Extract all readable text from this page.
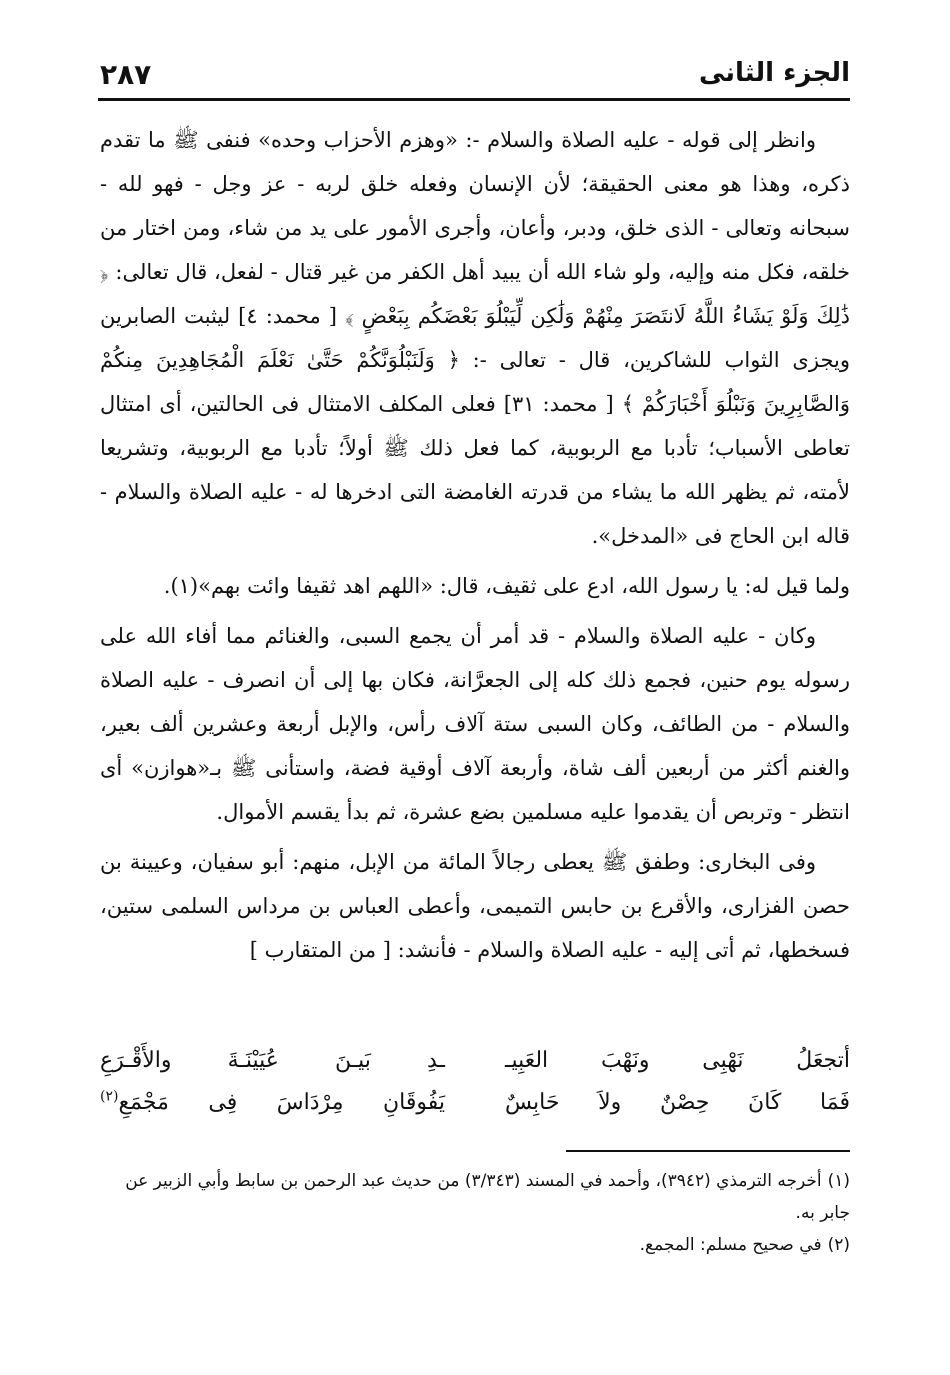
الجزء الثانى
٢٨٧

وانظر إلى قوله - عليه الصلاة والسلام -: «وهزم الأحزاب وحده» فنفى ﷺ ما تقدم ذكره، وهذا هو معنى الحقيقة؛ لأن الإنسان وفعله خلق لربه - عز وجل - فهو لله - سبحانه وتعالى - الذى خلق، ودبر، وأعان، وأجرى الأمور على يد من شاء، ومن اختار من خلقه، فكل منه وإليه، ولو شاء الله أن يبيد أهل الكفر من غير قتال - لفعل، قال تعالى: ﴿ ذَٰلِكَ وَلَوْ يَشَاءُ اللَّهُ لَانتَصَرَ مِنْهُمْ وَلَٰكِن لِّيَبْلُوَ بَعْضَكُم بِبَعْضٍ ﴾ [ محمد: ٤] ليثبت الصابرين ويجزى الثواب للشاكرين، قال - تعالى -: ﴿ وَلَنَبْلُوَنَّكُمْ حَتَّىٰ نَعْلَمَ الْمُجَاهِدِينَ مِنكُمْ وَالصَّابِرِينَ وَنَبْلُوَ أَخْبَارَكُمْ ﴾ [ محمد: ٣١] فعلى المكلف الامتثال فى الحالتين، أى امتثال تعاطى الأسباب؛ تأدبا مع الربوبية، كما فعل ذلك ﷺ أولاً؛ تأدبا مع الربوبية، وتشريعا لأمته، ثم يظهر الله ما يشاء من قدرته الغامضة التى ادخرها له - عليه الصلاة والسلام - قاله ابن الحاج فى «المدخل».

ولما قيل له: يا رسول الله، ادع على ثقيف، قال: «اللهم اهد ثقيفا وائت بهم»(١).

وكان - عليه الصلاة والسلام - قد أمر أن يجمع السبى، والغنائم مما أفاء الله على رسوله يوم حنين، فجمع ذلك كله إلى الجعرَّانة، فكان بها إلى أن انصرف - عليه الصلاة والسلام - من الطائف، وكان السبى ستة آلاف رأس، والإبل أربعة وعشرين ألف بعير، والغنم أكثر من أربعين ألف شاة، وأربعة آلاف أوقية فضة، واستأنى ﷺ بـ«هوازن» أى انتظر - وتربص أن يقدموا عليه مسلمين بضع عشرة، ثم بدأ يقسم الأموال.

وفى البخارى: وطفق ﷺ يعطى رجالاً المائة من الإبل، منهم: أبو سفيان، وعيينة بن حصن الفزارى، والأقرع بن حابس التميمى، وأعطى العباس بن مرداس السلمى ستين، فسخطها، ثم أتى إليه - عليه الصلاة والسلام - فأنشد: [ من المتقارب ]

أتجعَلُ نَهْبِى ونَهْبَ العَبِيـ
ـدِ بَيـنَ عُيَيْنَـةَ والأَقْـرَعِ
فَمَا كَانَ حِصْنٌ ولاَ حَابِسٌ
يَفُوقَانِ مِرْدَاسَ فِى مَجْمَعِ$^{(٢)}$

(١)أخرجه الترمذي (٣٩٤٢)، وأحمد في المسند (٣/٣٤٣) من حديث عبد الرحمن بن سابط وأبي الزبير عن جابر به.

(٢)في صحيح مسلم: المجمع.
